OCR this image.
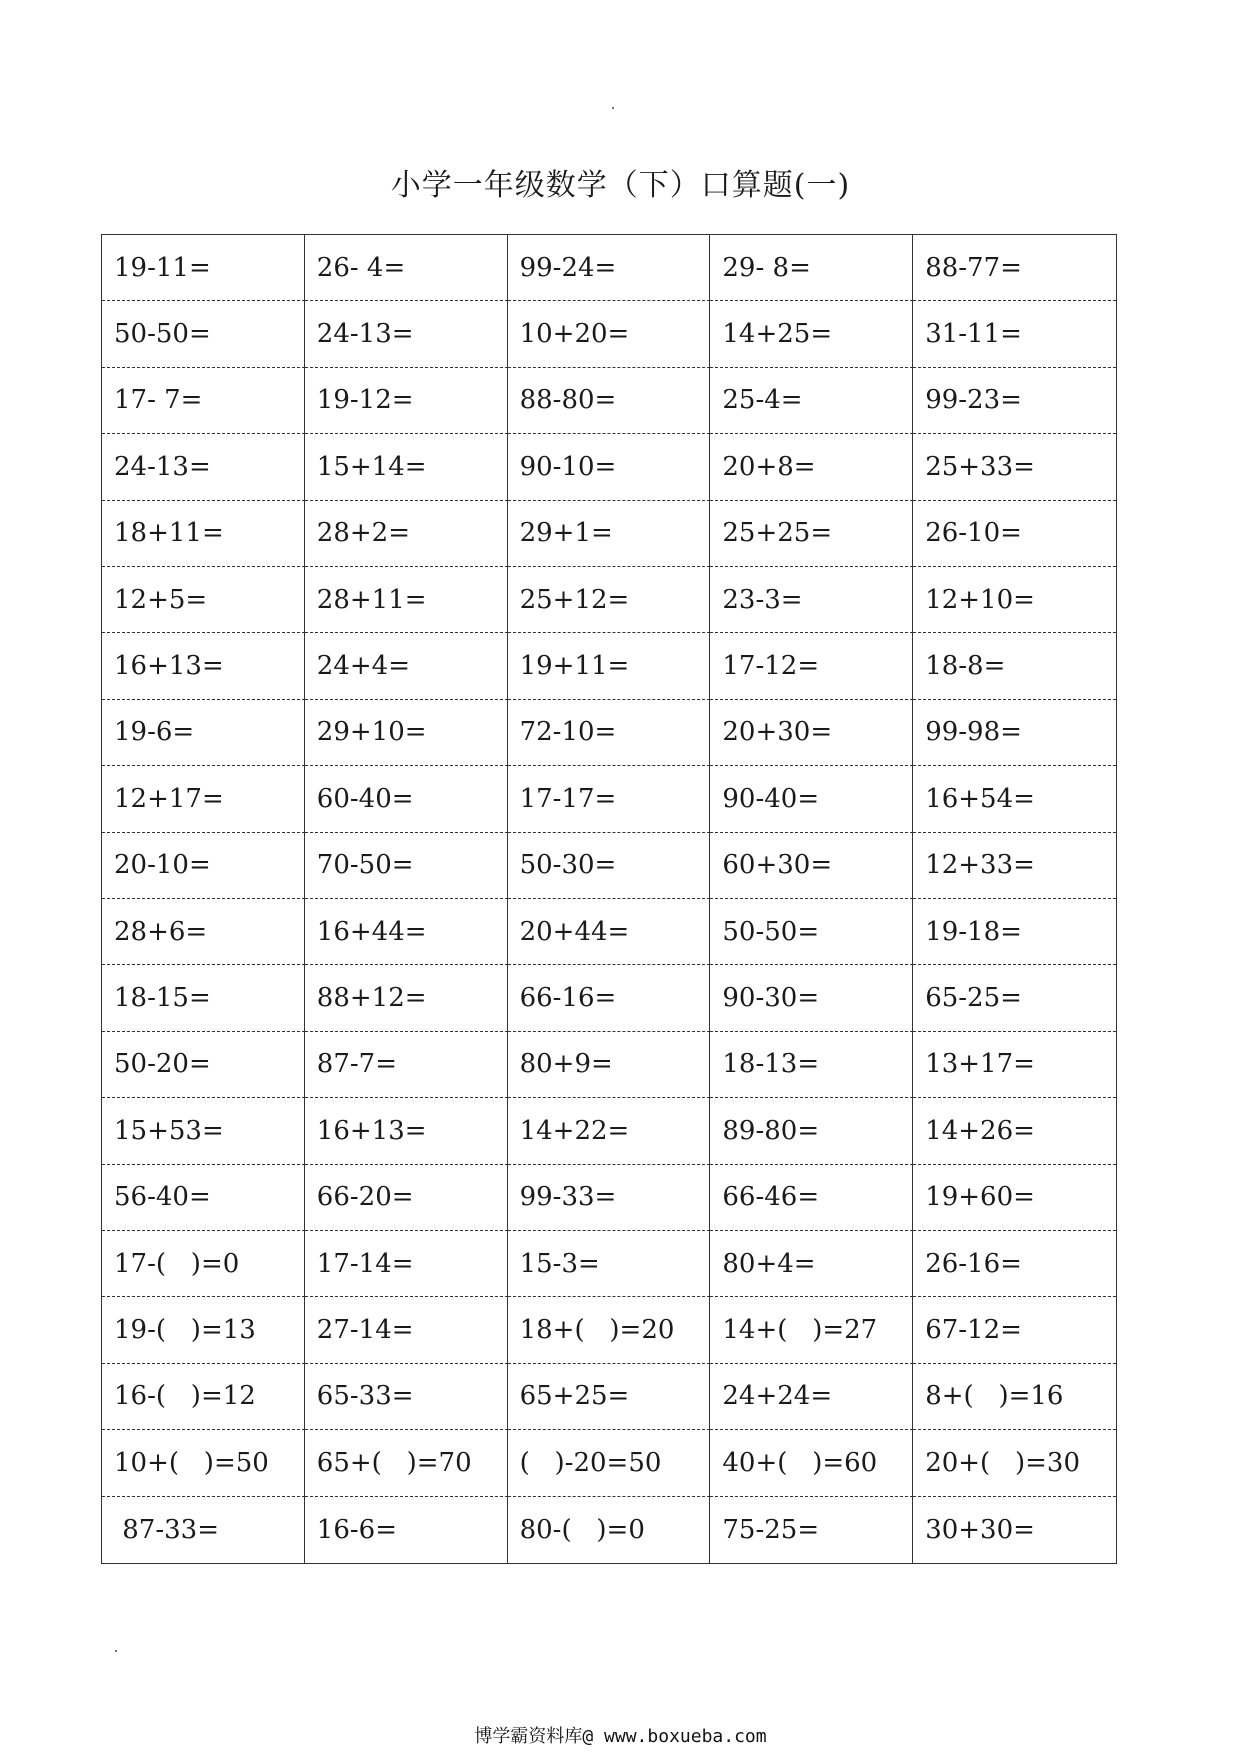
小学一年级数学（下）口算题(一)
19-11=	26- 4=	99-24=	29- 8=	88-77=
50-50=	24-13=	10+20=	14+25=	31-11=
17- 7=	19-12=	88-80=	25-4=	99-23=
24-13=	15+14=	90-10=	20+8=	25+33=
18+11=	28+2=	29+1=	25+25=	26-10=
12+5=	28+11=	25+12=	23-3=	12+10=
16+13=	24+4=	19+11=	17-12=	18-8=
19-6=	29+10=	72-10=	20+30=	99-98=
12+17=	60-40=	17-17=	90-40=	16+54=
20-10=	70-50=	50-30=	60+30=	12+33=
28+6=	16+44=	20+44=	50-50=	19-18=
18-15=	88+12=	66-16=	90-30=	65-25=
50-20=	87-7=	80+9=	18-13=	13+17=
15+53=	16+13=	14+22=	89-80=	14+26=
56-40=	66-20=	99-33=	66-46=	19+60=
17-(   )=0	17-14=	15-3=	80+4=	26-16=
19-(   )=13	27-14=	18+(   )=20	14+(   )=27	67-12=
16-(   )=12	65-33=	65+25=	24+24=	8+(   )=16
10+(   )=50	65+(   )=70	(   )-20=50	40+(   )=60	20+(   )=30
87-33=	16-6=	80-(   )=0	75-25=	30+30=
博学霸资料库@ www.boxueba.com
